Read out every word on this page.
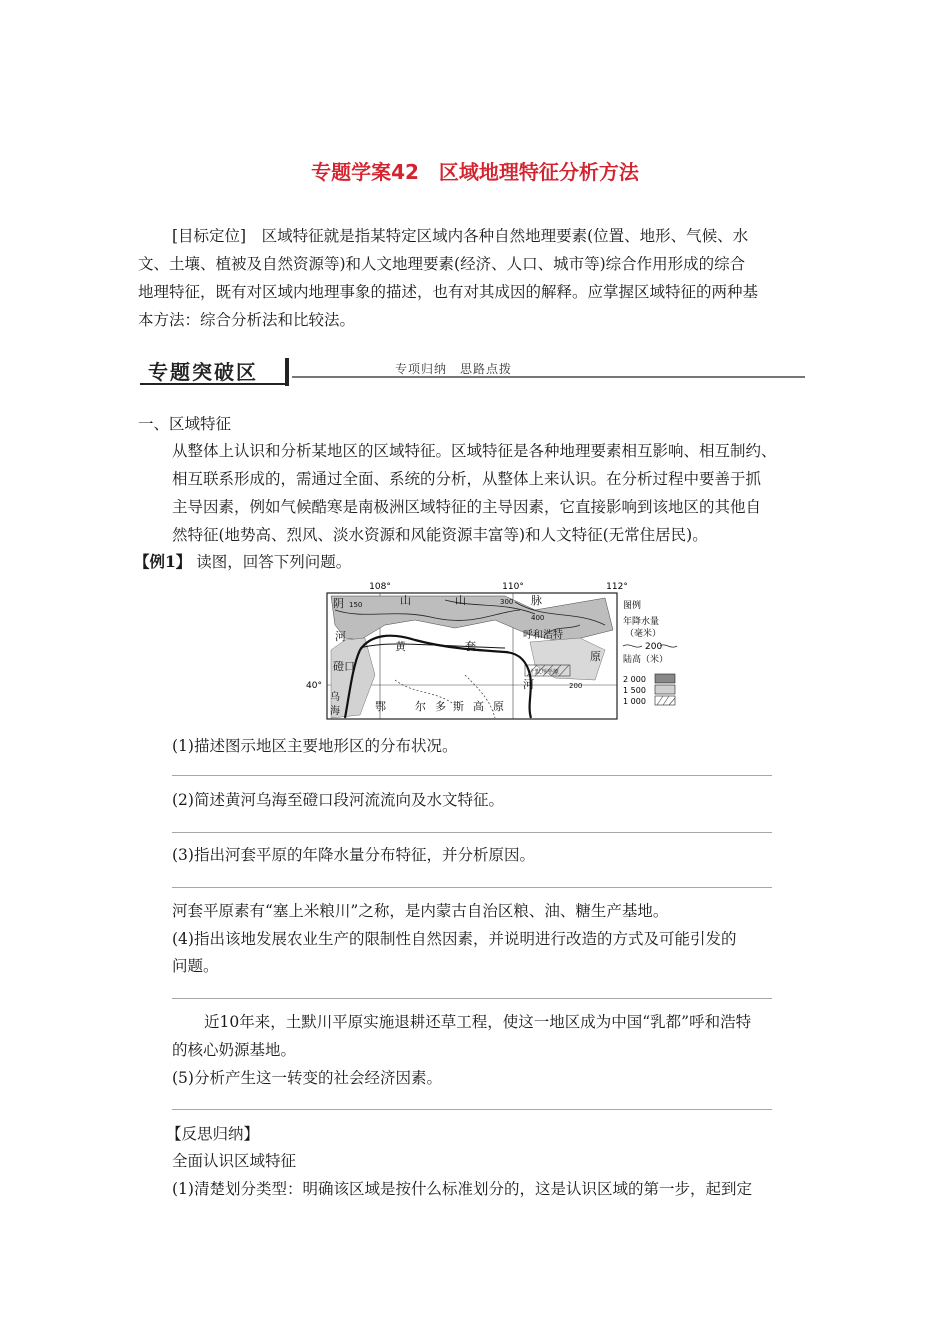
专题学案42　区域地理特征分析方法
[目标定位]　区域特征就是指某特定区域内各种自然地理要素(位置、地形、气候、水
文、土壤、植被及自然资源等)和人文地理要素(经济、人口、城市等)综合作用形成的综合
地理特征，既有对区域内地理事象的描述，也有对其成因的解释。应掌握区域特征的两种基
本方法：综合分析法和比较法。
专题突破区	专项归纳　思路点拨
一、区域特征
从整体上认识和分析某地区的区域特征。区域特征是各种地理要素相互影响、相互制约、
相互联系形成的，需通过全面、系统的分析，从整体上来认识。在分析过程中要善于抓
主导因素，例如气候酷寒是南极洲区域特征的主导因素，它直接影响到该地区的其他自
然特征(地势高、烈风、淡水资源和风能资源丰富等)和人文特征(无常住居民)。
【例1】 读图，回答下列问题。
108°	110°	112°
40°
阴 150	山	山	300 脉
400
河
黄	套
磴口
呼和浩特
土默川平原
原
河
乌
海	鄂	尔 多 斯 高 原
200
图例
年降水量
（毫米）
200
陆高（米）
2 000
1 500
1 000
(1)描述图示地区主要地形区的分布状况。
(2)简述黄河乌海至磴口段河流流向及水文特征。
(3)指出河套平原的年降水量分布特征，并分析原因。
河套平原素有“塞上米粮川”之称，是内蒙古自治区粮、油、糖生产基地。
(4)指出该地发展农业生产的限制性自然因素，并说明进行改造的方式及可能引发的
问题。
近10年来，土默川平原实施退耕还草工程，使这一地区成为中国“乳都”呼和浩特
的核心奶源基地。
(5)分析产生这一转变的社会经济因素。
【反思归纳】
全面认识区域特征
(1)清楚划分类型：明确该区域是按什么标准划分的，这是认识区域的第一步，起到定
